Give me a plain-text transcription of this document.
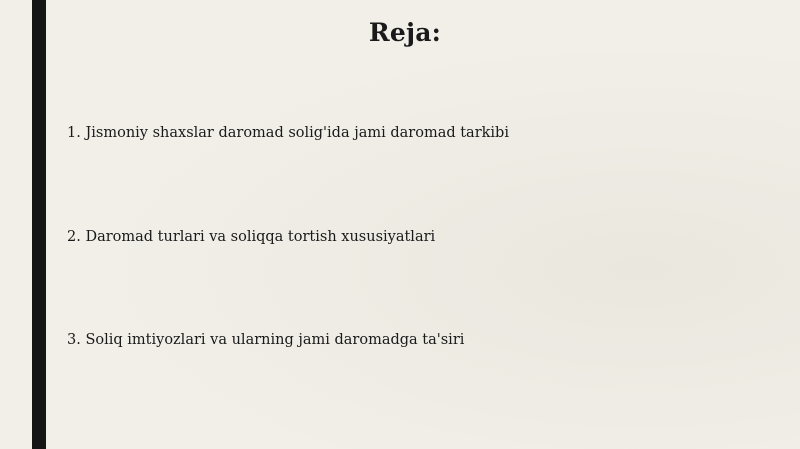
Reja:
1. Jismoniy shaxslar daromad solig'ida jami daromad tarkibi
2. Daromad turlari va soliqqa tortish xususiyatlari
3. Soliq imtiyozlari va ularning jami daromadga ta'siri
